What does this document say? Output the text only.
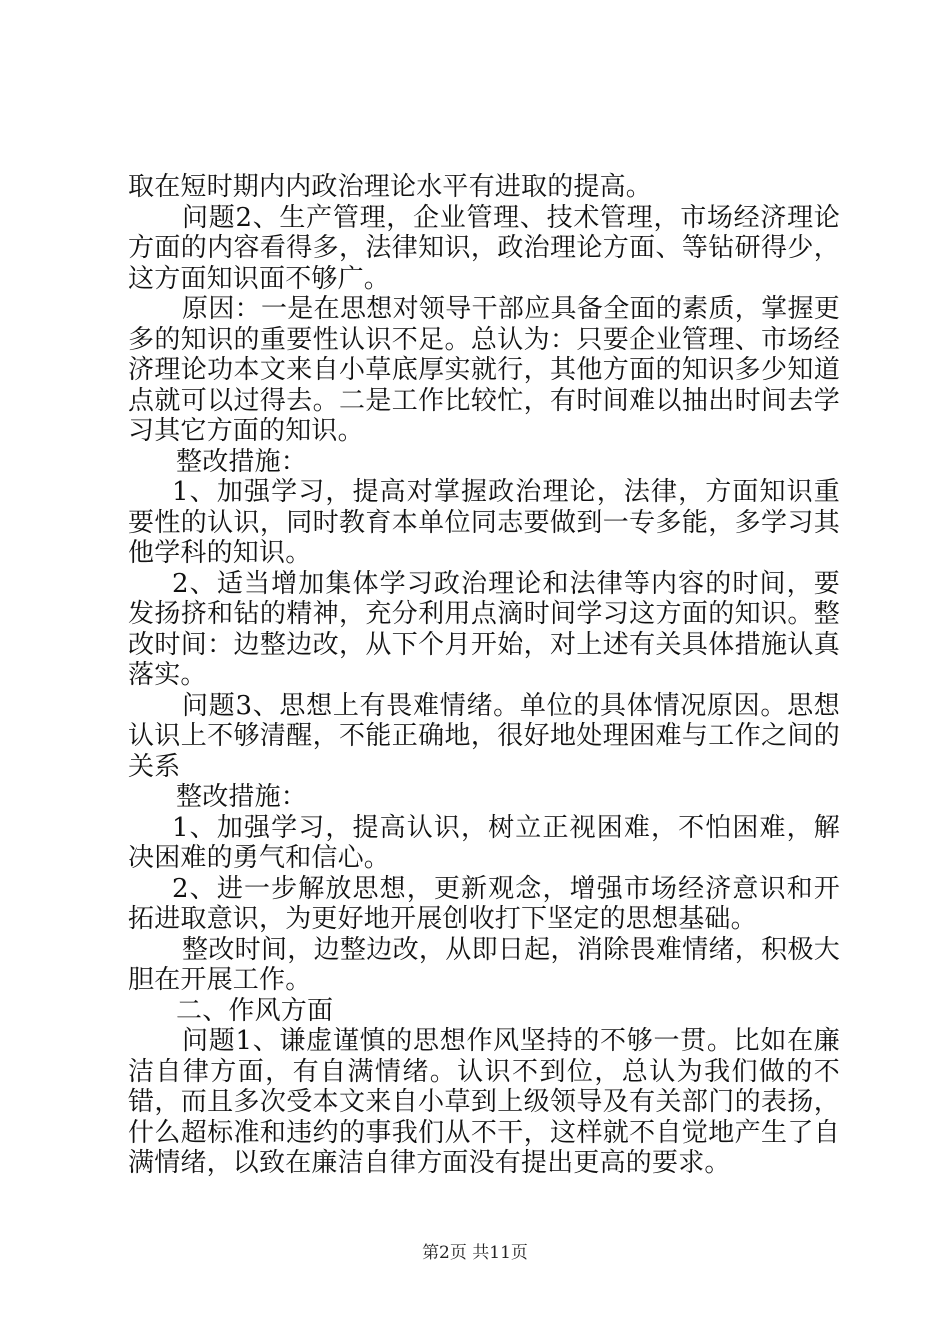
取在短时期内内政治理论水平有进取的提高。

问题2、生产管理，企业管理、技术管理，市场经济理论方面的内容看得多，法律知识，政治理论方面、等钻研得少，这方面知识面不够广。

原因：一是在思想对领导干部应具备全面的素质，掌握更多的知识的重要性认识不足。总认为：只要企业管理、市场经济理论功本文来自小草底厚实就行，其他方面的知识多少知道点就可以过得去。二是工作比较忙，有时间难以抽出时间去学习其它方面的知识。

整改措施：

1、加强学习，提高对掌握政治理论，法律，方面知识重要性的认识，同时教育本单位同志要做到一专多能，多学习其他学科的知识。

2、适当增加集体学习政治理论和法律等内容的时间，要发扬挤和钻的精神，充分利用点滴时间学习这方面的知识。整改时间：边整边改，从下个月开始，对上述有关具体措施认真落实。

问题3、思想上有畏难情绪。单位的具体情况原因。思想认识上不够清醒，不能正确地，很好地处理困难与工作之间的关系

整改措施：

1、加强学习，提高认识，树立正视困难，不怕困难，解决困难的勇气和信心。

2、进一步解放思想，更新观念，增强市场经济意识和开拓进取意识，为更好地开展创收打下坚定的思想基础。

整改时间，边整边改，从即日起，消除畏难情绪，积极大胆在开展工作。

二、作风方面

问题1、谦虚谨慎的思想作风坚持的不够一贯。比如在廉洁自律方面，有自满情绪。认识不到位，总认为我们做的不错，而且多次受本文来自小草到上级领导及有关部门的表扬，什么超标准和违约的事我们从不干，这样就不自觉地产生了自满情绪，以致在廉洁自律方面没有提出更高的要求。

第2页 共11页
